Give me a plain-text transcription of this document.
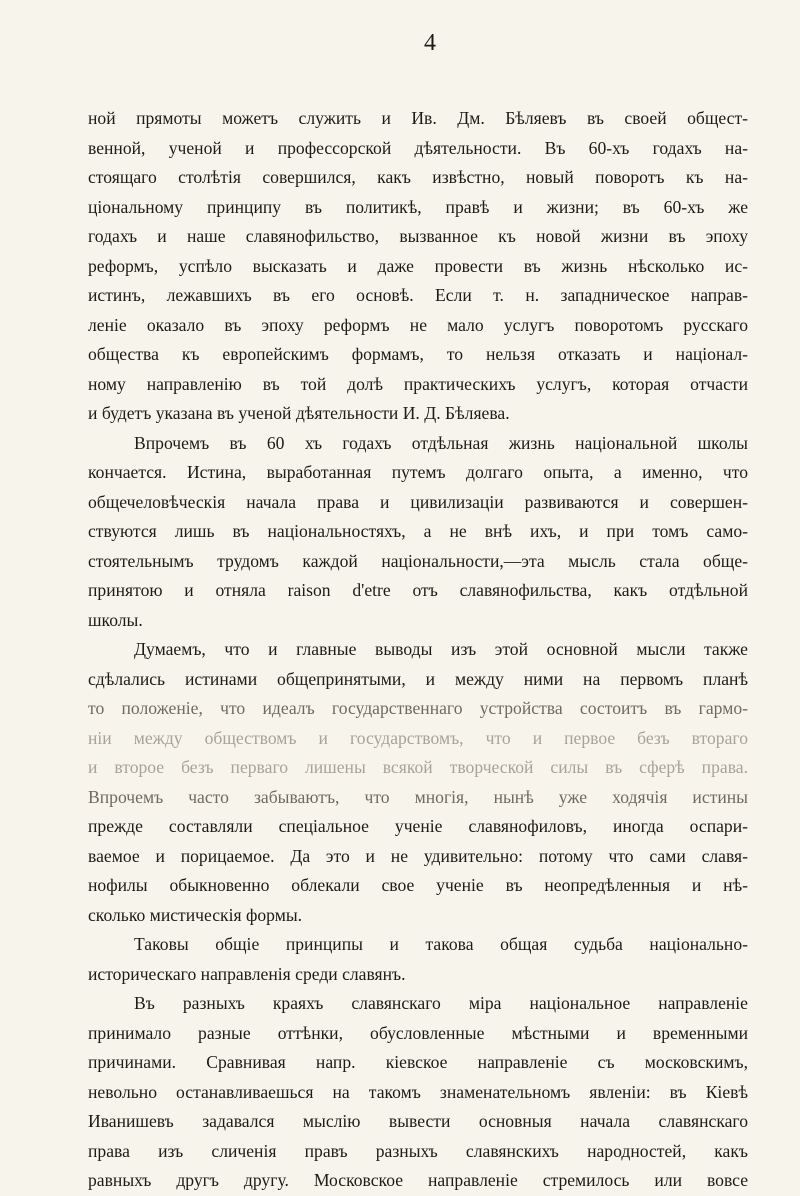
4
ной прямоты можетъ служить и Ив. Дм. Бѣляевъ въ своей общест-
венной, ученой и профессорской дѣятельности. Въ 60-хъ годахъ на-
стоящаго столѣтія совершился, какъ извѣстно, новый поворотъ къ на-
ціональному принципу въ политикѣ, правѣ и жизни; въ 60-хъ же
годахъ и наше славянофильство, вызванное къ новой жизни въ эпоху
реформъ, успѣло высказать и даже провести въ жизнь нѣсколько ис-
истинъ, лежавшихъ въ его основѣ. Если т. н. западническое направ-
леніе оказало въ эпоху реформъ не мало услугъ поворотомъ русскаго
общества къ европейскимъ формамъ, то нельзя отказать и націонал-
ному направленію въ той долѣ практическихъ услугъ, которая отчасти
и будетъ указана въ ученой дѣятельности И. Д. Бѣляева.
Впрочемъ въ 60 хъ годахъ отдѣльная жизнь національной школы
кончается. Истина, выработанная путемъ долгаго опыта, а именно, что
общечеловѣческія начала права и цивилизаціи развиваются и совершен-
ствуются лишь въ національностяхъ, а не внѣ ихъ, и при томъ само-
стоятельнымъ трудомъ каждой національности,—эта мысль стала обще-
принятою и отняла raison d'etre отъ славянофильства, какъ отдѣльной
школы.
Думаемъ, что и главные выводы изъ этой основной мысли также
сдѣлались истинами общепринятыми, и между ними на первомъ планѣ
то положеніе, что идеалъ государственнаго устройства состоитъ въ гармо-
ніи между обществомъ и государствомъ, что и первое безъ втораго
и второе безъ перваго лишены всякой творческой силы въ сферѣ права.
Впрочемъ часто забываютъ, что многія, нынѣ уже ходячія истины
прежде составляли спеціальное ученіе славянофиловъ, иногда оспари-
ваемое и порицаемое. Да это и не удивительно: потому что сами славя-
нофилы обыкновенно облекали свое ученіе въ неопредѣленныя и нѣ-
сколько мистическія формы.
Таковы общіе принципы и такова общая судьба національно-
историческаго направленія среди славянъ.
Въ разныхъ краяхъ славянскаго міра національное направленіе
принимало разные оттѣнки, обусловленные мѣстными и временными
причинами. Сравнивая напр. кіевское направленіе съ московскимъ,
невольно останавливаешься на такомъ знаменательномъ явленіи: въ Кіевѣ
Иванишевъ задавался мыслію вывести основныя начала славянскаго
права изъ сличенія правъ разныхъ славянскихъ народностей, какъ
равныхъ другъ другу. Московское направленіе стремилось или вовсе
